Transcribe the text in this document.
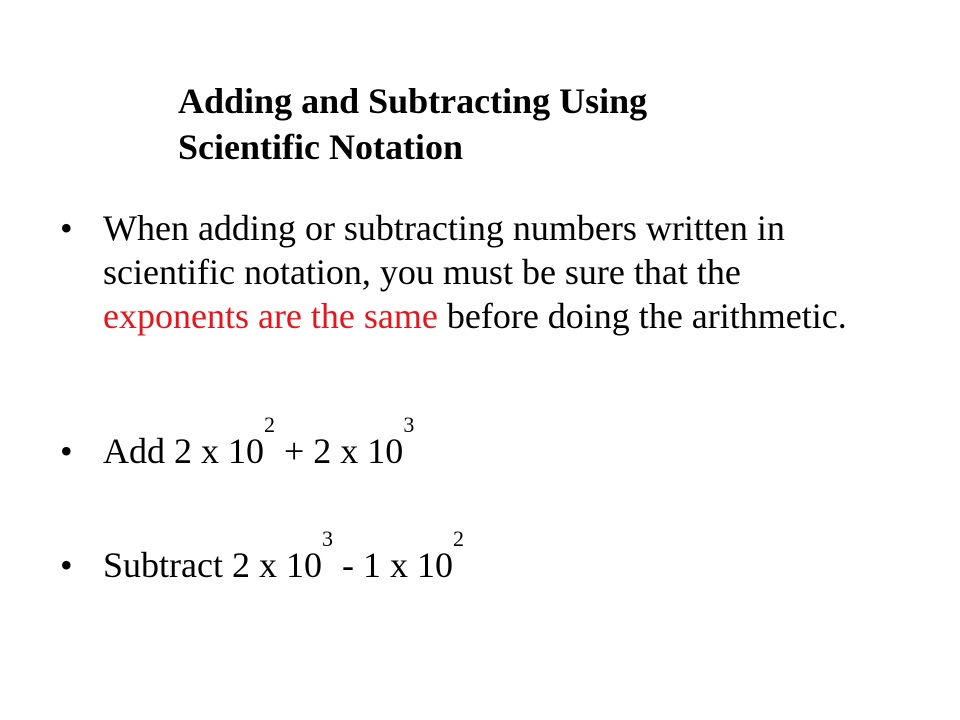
Adding and Subtracting Using
Scientific Notation
• When adding or subtracting numbers written in scientific notation, you must be sure that the exponents are the same before doing the arithmetic.
• Add 2 x $10^2 + 2$ x $10^3$
• Subtract 2 x $10^3 - 1$ x $10^2$
